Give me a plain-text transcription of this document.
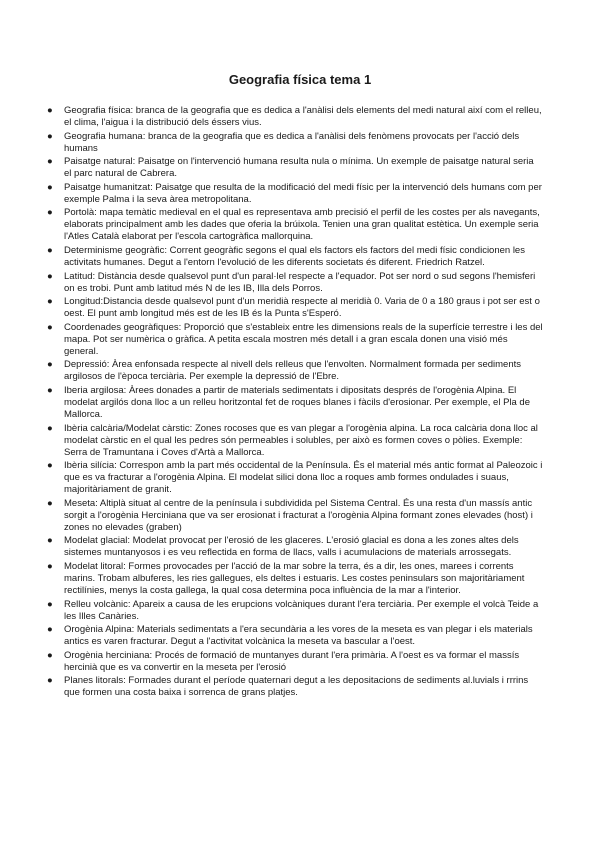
Geografia física tema 1
● Geografia física: branca de la geografia que es dedica a l'anàlisi dels elements del medi natural així com el relleu, el clima, l'aigua i la distribució dels éssers vius.
● Geografia humana: branca de la geografia que es dedica a l'anàlisi dels fenòmens provocats per l'acció dels humans
● Paisatge natural: Paisatge on l'intervenció humana resulta nula o mínima. Un exemple de paisatge natural seria el parc natural de Cabrera.
● Paisatge humanitzat: Paisatge que resulta de la modificació del medi físic per la intervenció dels humans com per exemple Palma i la seva àrea metropolitana.
● Portolà: mapa temàtic medieval en el qual es representava amb precisió el perfil de les costes per als navegants, elaborats principalment amb les dades que oferia la brúixola. Tenien una gran qualitat estètica. Un exemple seria l'Atles Català elaborat per l'escola cartogràfica mallorquina.
● Determinisme geogràfic: Corrent geogràfic segons el qual els factors els factors del medi físic condicionen les activitats humanes. Degut a l'entorn l'evolució de les diferents societats és diferent. Friedrich Ratzel.
● Latitud: Distància desde qualsevol punt d'un paral·lel respecte a l'equador. Pot ser nord o sud segons l'hemisferi on es trobi. Punt amb latitud més N de les IB, Illa dels Porros.
● Longitud:Distancia desde qualsevol punt d'un meridià respecte al meridià 0. Varia de 0 a 180 graus i pot ser est o oest. El punt amb longitud més est de les IB és la Punta s'Esperó.
● Coordenades geogràfiques: Proporció que s'estableix entre les dimensions reals de la superfície terrestre i les del mapa. Pot ser numèrica o gràfica. A petita escala mostren més detall i a gran escala donen una visió més general.
● Depressió: Àrea enfonsada respecte al nivell dels relleus que l'envolten. Normalment formada per sediments argilosos de l'època terciària. Per exemple la depressió de l'Ebre.
● Iberia argilosa: Àrees donades a partir de materials sedimentats i dipositats després de l'orogènia Alpina. El modelat argilós dona lloc a un relleu horitzontal fet de roques blanes i fàcils d'erosionar. Per exemple, el Pla de Mallorca.
● Ibèria calcària/Modelat càrstic: Zones rocoses que es van plegar a l'orogènia alpina. La roca calcària dona lloc al modelat càrstic en el qual les pedres són permeables i solubles, per això es formen coves o pòlies. Exemple: Serra de Tramuntana i Coves d'Artà a Mallorca.
● Ibèria silícia: Correspon amb la part més occidental de la Península. És el material més antic format al Paleozoic i que es va fracturar a l'orogènia Alpina. El modelat silici dona lloc a roques amb formes ondulades i suaus, majoritàriament de granit.
● Meseta: Altiplà situat al centre de la península i subdividida pel Sistema Central. És una resta d'un massís antic sorgit a l'orogènia Herciniana que va ser erosionat i fracturat a l'orogènia Alpina formant zones elevades (host) i zones no elevades (graben)
● Modelat glacial: Modelat provocat per l'erosió de les glaceres. L'erosió glacial es dona a les zones altes dels sistemes muntanyosos i es veu reflectida en forma de llacs, valls i acumulacions de materials arrossegats.
● Modelat litoral: Formes provocades per l'acció de la mar sobre la terra, és a dir, les ones, marees i corrents marins. Trobam albuferes, les ries gallegues, els deltes i estuaris. Les costes peninsulars son majoritàriament rectilínies, menys la costa gallega, la qual cosa determina poca influència de la mar a l'interior.
● Relleu volcànic: Apareix a causa de les erupcions volcàniques durant l'era terciària. Per exemple el volcà Teide a les Illes Canàries.
● Orogènia Alpina: Materials sedimentats a l'era secundària a les vores de la meseta es van plegar i els materials antics es varen fracturar. Degut a l'activitat volcànica la meseta va bascular a l'oest.
● Orogènia herciniana: Procés de formació de muntanyes durant l'era primària. A l'oest es va formar el massís hercinià que es va convertir en la meseta per l'erosió
● Planes litorals: Formades durant el període quaternari degut a les depositacions de sediments al.luvials i rrrins que formen una costa baixa i sorrenca de grans platjes.
